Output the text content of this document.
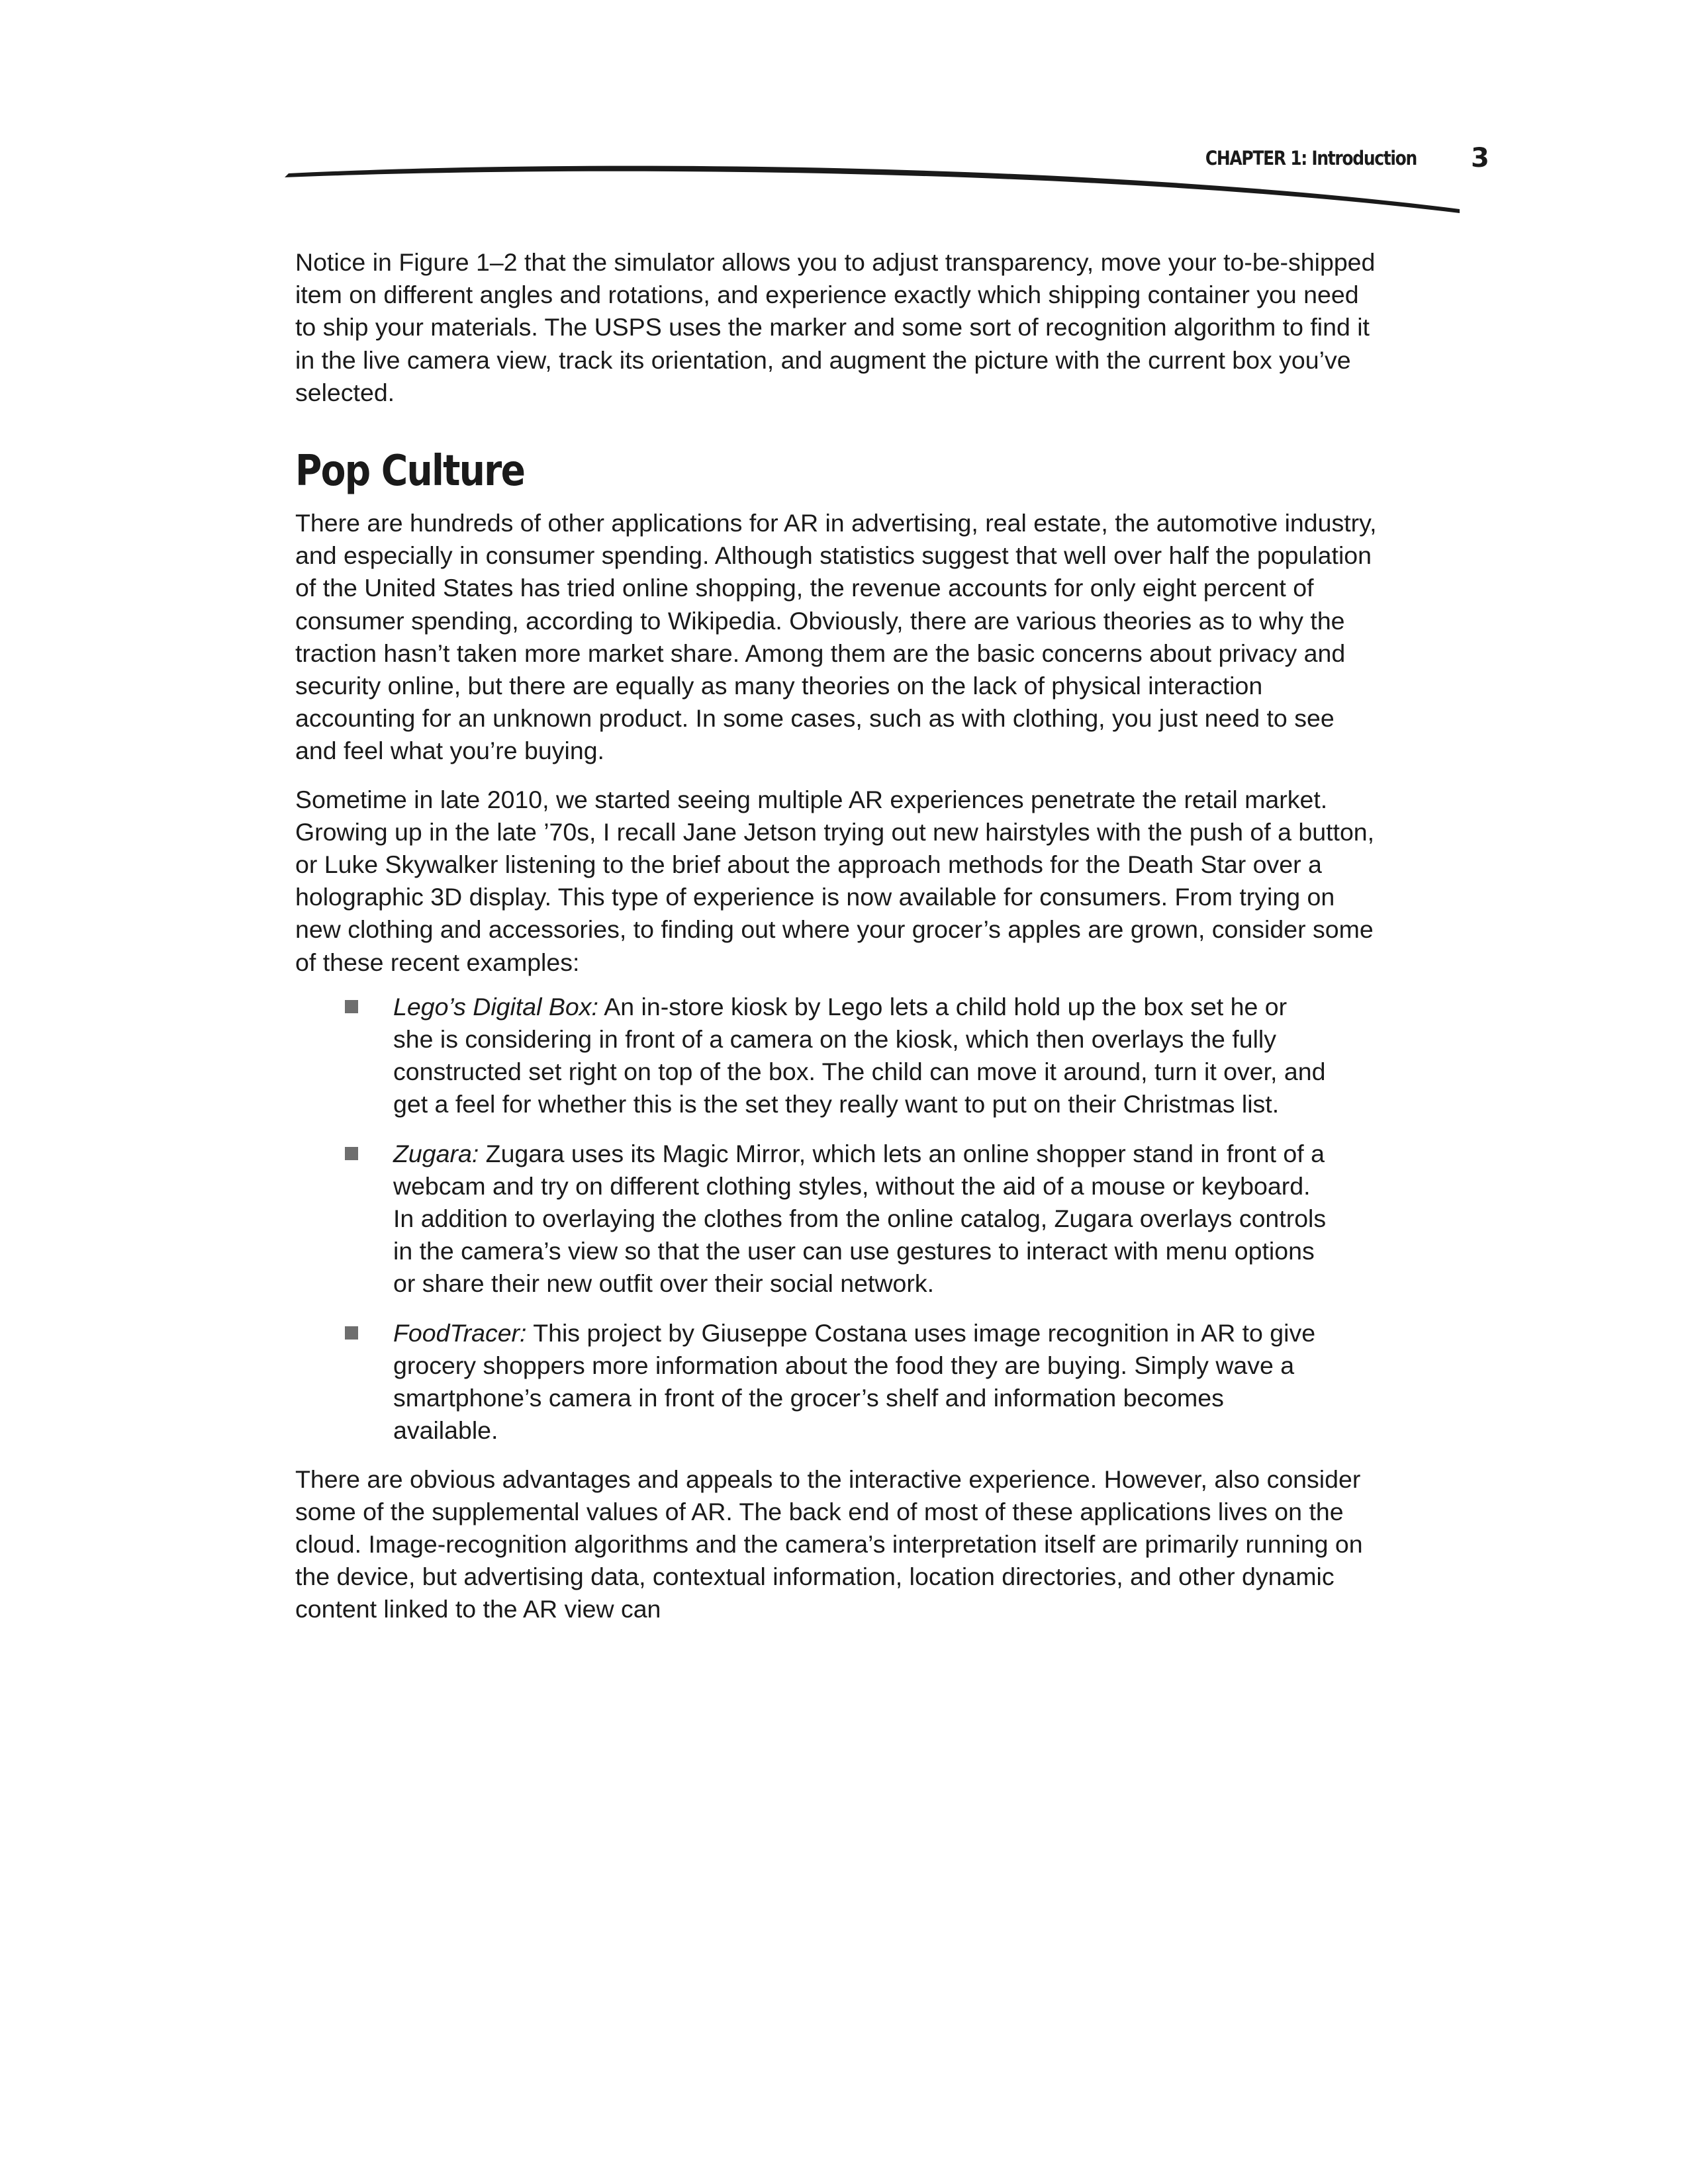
CHAPTER 1: Introduction 3

Notice in Figure 1–2 that the simulator allows you to adjust transparency, move your to-be-shipped item on different angles and rotations, and experience exactly which shipping container you need to ship your materials. The USPS uses the marker and some sort of recognition algorithm to find it in the live camera view, track its orientation, and augment the picture with the current box you’ve selected.

Pop Culture

There are hundreds of other applications for AR in advertising, real estate, the automotive industry, and especially in consumer spending. Although statistics suggest that well over half the population of the United States has tried online shopping, the revenue accounts for only eight percent of consumer spending, according to Wikipedia. Obviously, there are various theories as to why the traction hasn’t taken more market share. Among them are the basic concerns about privacy and security online, but there are equally as many theories on the lack of physical interaction accounting for an unknown product. In some cases, such as with clothing, you just need to see and feel what you’re buying.

Sometime in late 2010, we started seeing multiple AR experiences penetrate the retail market. Growing up in the late ’70s, I recall Jane Jetson trying out new hairstyles with the push of a button, or Luke Skywalker listening to the brief about the approach methods for the Death Star over a holographic 3D display. This type of experience is now available for consumers. From trying on new clothing and accessories, to finding out where your grocer’s apples are grown, consider some of these recent examples:

Lego’s Digital Box: An in-store kiosk by Lego lets a child hold up the box set he or she is considering in front of a camera on the kiosk, which then overlays the fully constructed set right on top of the box. The child can move it around, turn it over, and get a feel for whether this is the set they really want to put on their Christmas list.
Zugara: Zugara uses its Magic Mirror, which lets an online shopper stand in front of a webcam and try on different clothing styles, without the aid of a mouse or keyboard. In addition to overlaying the clothes from the online catalog, Zugara overlays controls in the camera’s view so that the user can use gestures to interact with menu options or share their new outfit over their social network.
FoodTracer: This project by Giuseppe Costana uses image recognition in AR to give grocery shoppers more information about the food they are buying. Simply wave a smartphone’s camera in front of the grocer’s shelf and information becomes available.

There are obvious advantages and appeals to the interactive experience. However, also consider some of the supplemental values of AR. The back end of most of these applications lives on the cloud. Image-recognition algorithms and the camera’s interpretation itself are primarily running on the device, but advertising data, contextual information, location directories, and other dynamic content linked to the AR view can
